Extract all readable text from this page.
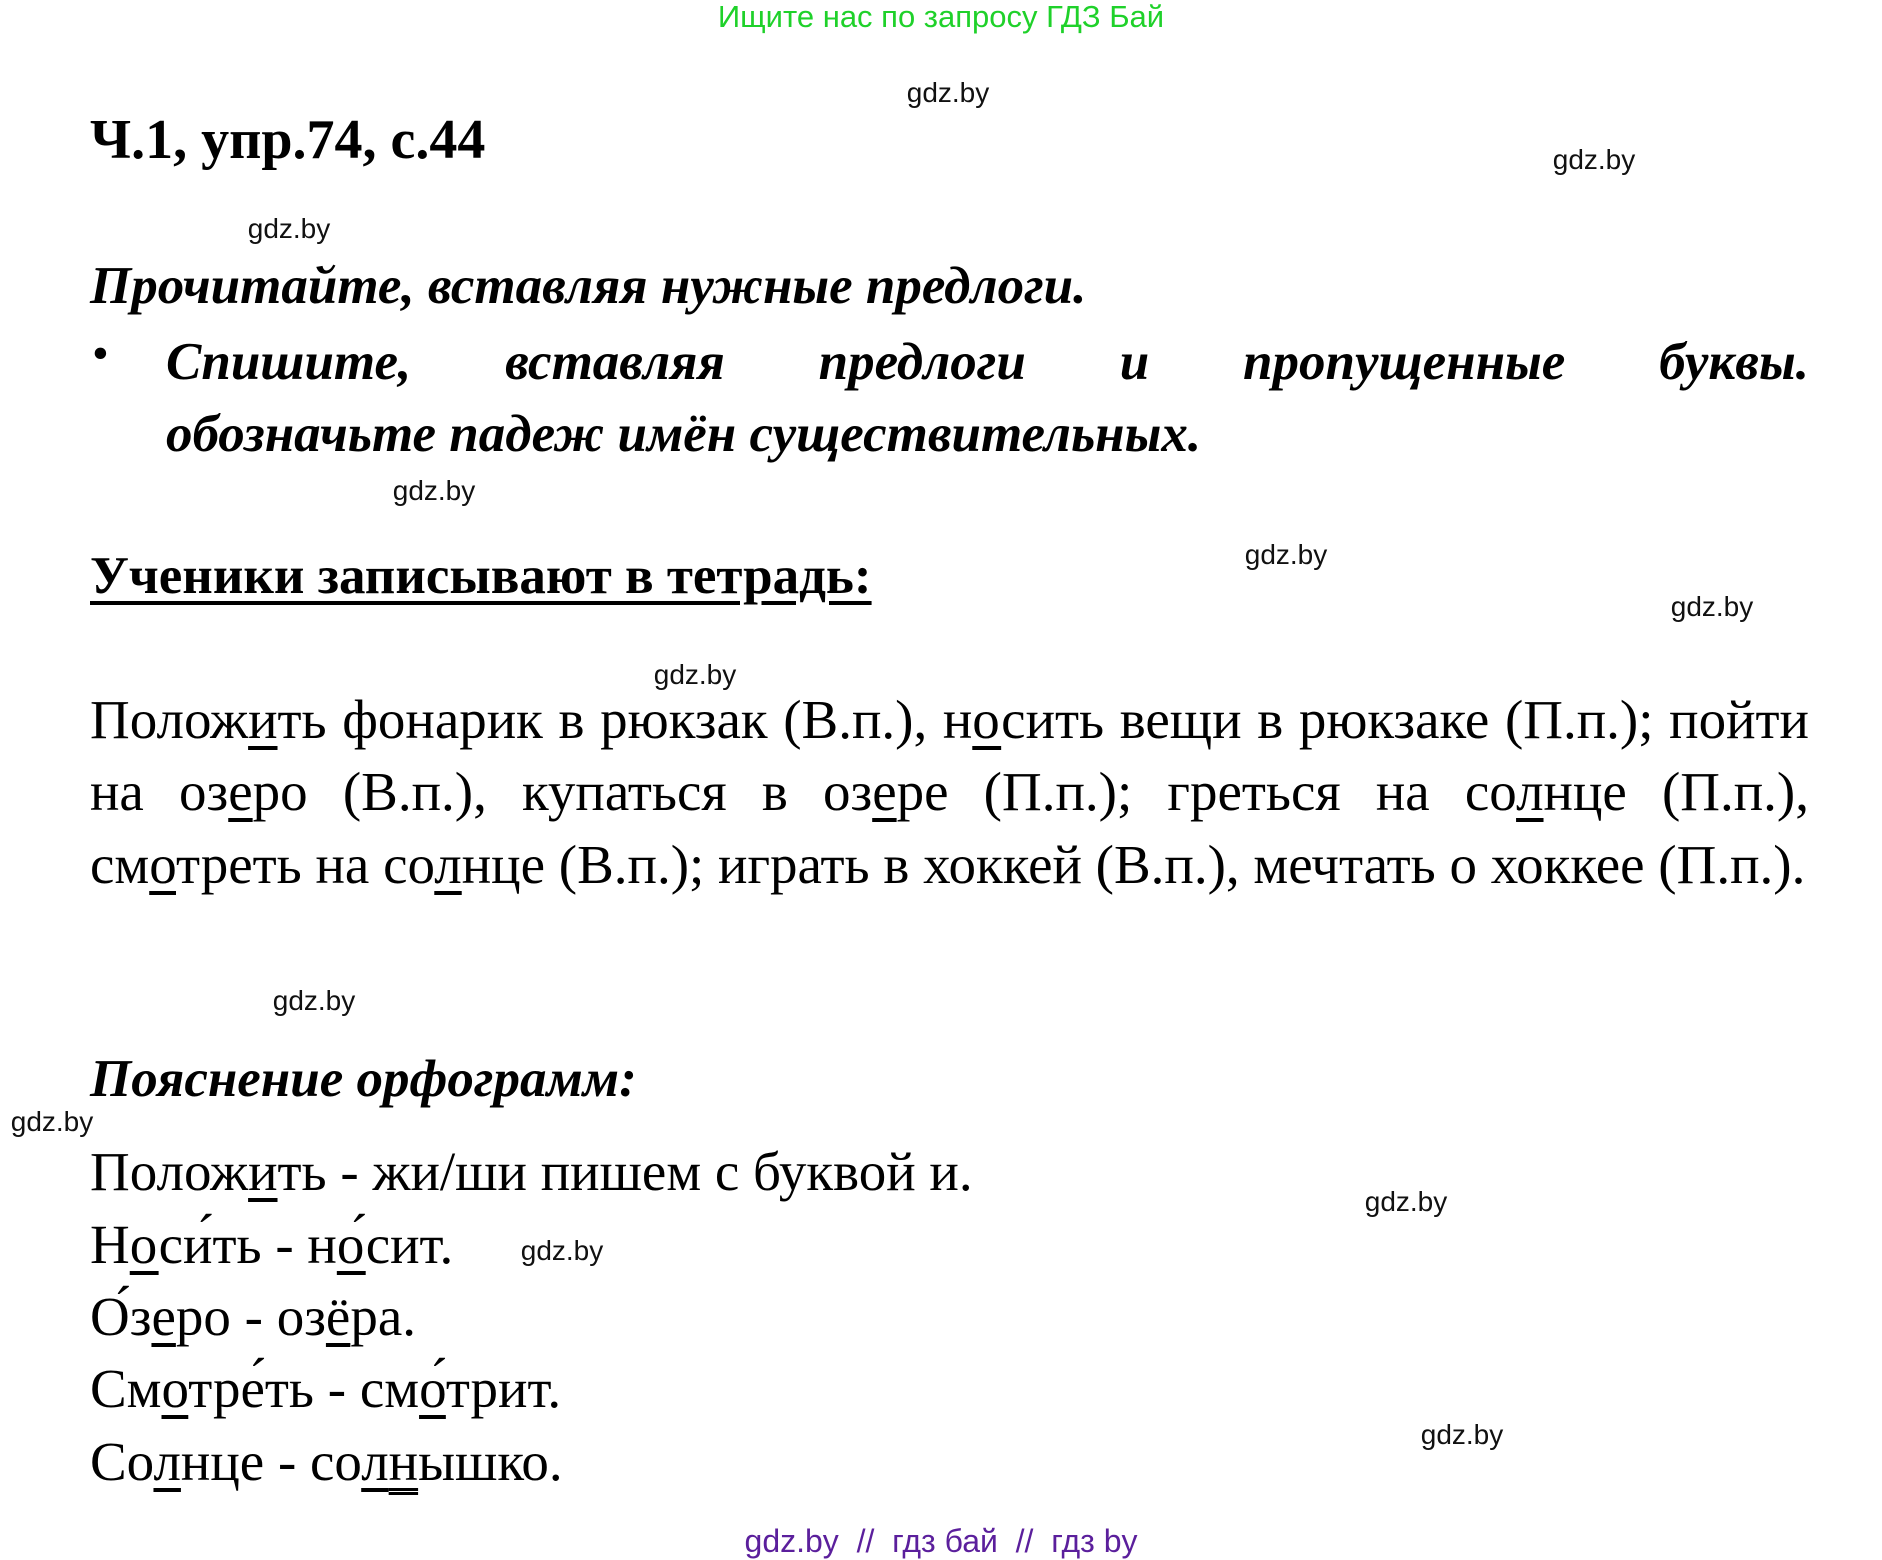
Ищите нас по запросу ГДЗ Бай
gdz.by
gdz.by
gdz.by
gdz.by
gdz.by
gdz.by
gdz.by
gdz.by
gdz.by
gdz.by
gdz.by
gdz.by
Ч.1, упр.74, с.44
Прочитайте, вставляя нужные предлоги.
• Спишите, вставляя предлоги и пропущенные буквы.
обозначьте падеж имён существительных.
Ученики записывают в тетрадь:
Положить фонарик в рюкзак (В.п.), носить вещи в рюкзаке (П.п.); пойти на озеро (В.п.), купаться в озере (П.п.); греться на солнце (П.п.), смотреть на солнце (В.п.); играть в хоккей (В.п.), мечтать о хоккее (П.п.).
Пояснение орфограмм:
Положить - жи/ши пишем с буквой и.
Носи́ть - но́сит.
О́зеро - озёра.
Смотре́ть - смо́трит.
Солнце - солнышко.
gdz.by  //  гдз бай  //  гдз by
